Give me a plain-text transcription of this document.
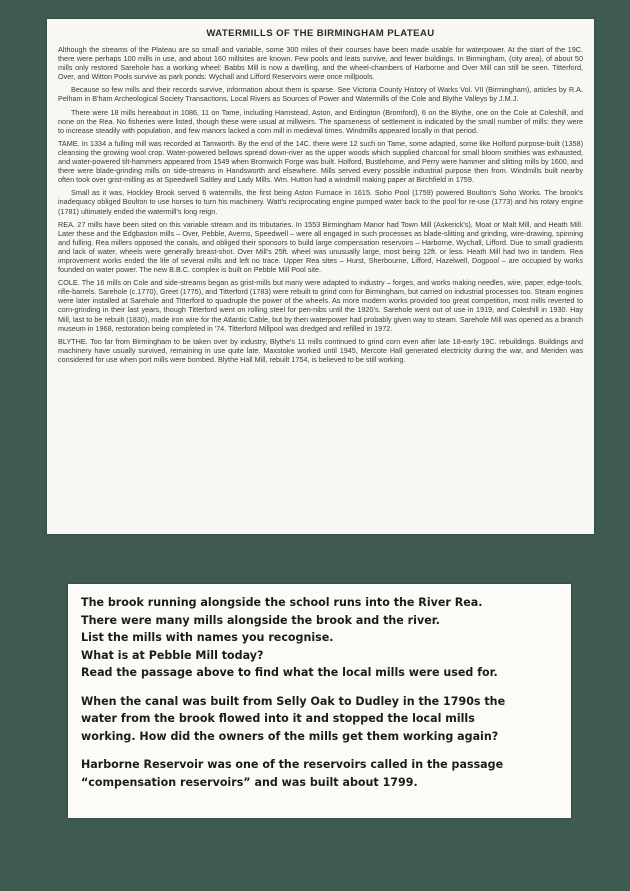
WATERMILLS OF THE BIRMINGHAM PLATEAU

Although the streams of the Plateau are so small and variable, some 300 miles of their courses have been made usable for waterpower. At the start of the 19C. there were perhaps 100 mills in use, and about 160 millsites are known. Few pools and leats survive, and fewer buildings. In Birmingham, (city area), of about 50 mills only restored Sarehole has a working wheel: Babbs Mill is now a dwelling, and the wheel-chambers of Harborne and Over Mill can still be seen. Titterford, Over, and Witton Pools survive as park ponds: Wychall and Lifford Reservoirs were once millpools.

Because so few mills and their records survive, information about them is sparse. See Victoria County History of Warks Vol. VII (Birmingham), articles by R.A. Pelham in B'ham Archeological Society Transactions, Local Rivers as Sources of Power and Watermills of the Cole and Blythe Valleys by J.M.J.

There were 18 mills hereabout in 1086, 11 on Tame, including Hamstead, Aston, and Erdington (Bromford), 6 on the Blythe, one on the Cole at Coleshill, and none on the Rea. No fisheries were listed, though these were usual at millweirs. The sparseness of settlement is indicated by the small number of mills: they were to increase steadily with population, and few manors lacked a corn mill in medieval times. Windmills appeared locally in that period.

TAME. In 1334 a fulling mill was recorded at Tamworth. By the end of the 14C. there were 12 such on Tame, some adapted, some like Holford purpose-built (1358) cleansing the growing wool crop. Water-powered bellows spread down-river as the upper woods which supplied charcoal for small bloom smithies was exhausted, and water-powered tilt-hammers appeared from 1549 when Bromwich Forge was built. Holford, Bustlehome, and Perry were hammer and slitting mills by 1600, and there were blade-grinding mills on side-streams in Handsworth and elsewhere. Mills served every possible industrial purpose then from. Windmills built nearby often took over grist-milling as at Speedwell Saltley and Lady Mills. Wm. Hutton had a windmill making paper at Birchfield in 1759.

Small as it was, Hockley Brook served 6 watermills, the first being Aston Furnace in 1615. Soho Pool (1759) powered Boulton's Soho Works. The brook's inadequacy obliged Boulton to use horses to turn his machinery. Watt's reciprocating engine pumped water back to the pool for re-use (1773) and his rotary engine (1781) ultimately ended the watermill's long reign.

REA. 27 mills have been sited on this variable stream and its tributaries. In 1553 Birmingham Manor had Town Mill (Askerick's), Moat or Malt Mill, and Heath Mill. Later these and the Edgbaston mills – Over, Pebble, Averns, Speedwell – were all engaged in such processes as blade-slitting and grinding, wire-drawing, spinning and fulling. Rea millers opposed the canals, and obliged their sponsors to build large compensation reservoirs – Harborne, Wychall, Lifford. Due to small gradients and lack of water, wheels were generally breast-shot. Over Mill's 25ft. wheel was unusually large, most being 12ft. or less. Heath Mill had two in tandem. Rea improvement works ended the life of several mills and left no trace. Upper Rea sites – Hurst, Sherbourne, Lifford, Hazelwell, Dogpool – are occupied by works founded on water power. The new B.B.C. complex is built on Pebble Mill Pool site.

COLE. The 16 mills on Cole and side-streams began as grist-mills but many were adapted to industry – forges, and works making needles, wire, paper, edge-tools, rifle-barrels. Sarehole (c.1770), Greet (1775), and Titterford (1783) were rebuilt to grind corn for Birmingham, but carried on industrial processes too. Steam engines were later installed at Sarehole and Titterford to quadruple the power of the wheels. As more modern works provided too great competition, most mills reverted to corn-grinding in their last years, though Titterford went on rolling steel for pen-nibs until the 1920's. Sarehole went out of use in 1919, and Coleshill in 1930. Hay Mill, last to be rebuilt (1830), made iron wire for the Atlantic Cable, but by then waterpower had probably given way to steam. Sarehole Mill was opened as a branch museum in 1968, restoration being completed in '74. Titterford Millpool was dredged and refilled in 1972.

BLYTHE. Too far from Birmingham to be taken over by industry, Blythe's 11 mills continued to grind corn even after late 18-early 19C. rebuildings. Buildings and machinery have usually survived, remaining in use quite late. Maxstoke worked until 1945, Mercote Hall generated electricity during the war, and Meriden was considered for use when port mills were bombed. Blythe Hall Mill, rebuilt 1754, is believed to be still working.

The brook running alongside the school runs into the River Rea.

There were many mills alongside the brook and the river.

List the mills with names you recognise.

What is at Pebble Mill today?

Read the passage above to find what the local mills were used for.

When the canal was built from Selly Oak to Dudley in the 1790s the

water from the brook flowed into it and stopped the local mills

working. How did the owners of the mills get them working again?

Harborne Reservoir was one of the reservoirs called in the passage

“compensation reservoirs” and was built about 1799.
